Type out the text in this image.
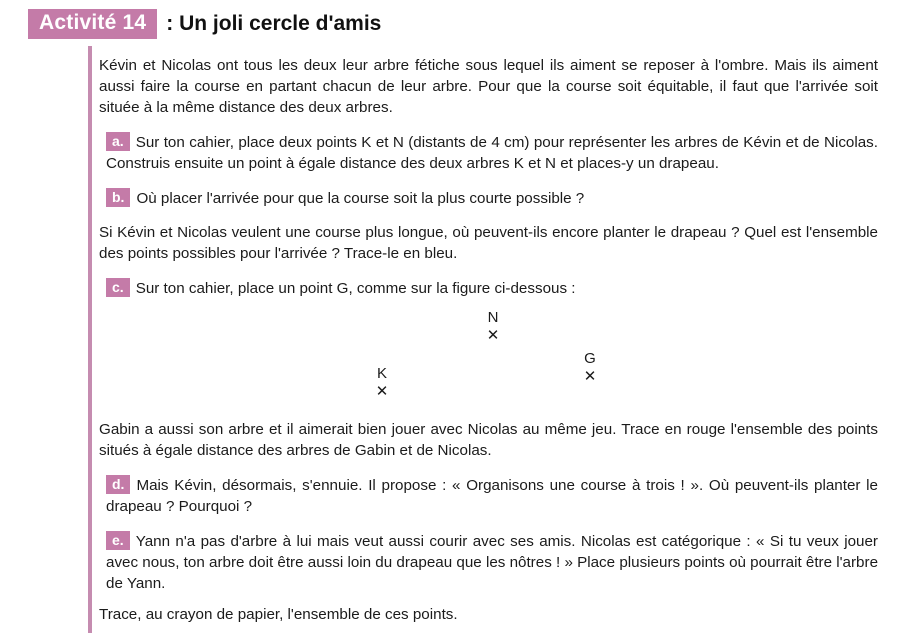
Activité 14 : Un joli cercle d'amis

Kévin et Nicolas ont tous les deux leur arbre fétiche sous lequel ils aiment se reposer à l'ombre. Mais ils aiment aussi faire la course en partant chacun de leur arbre. Pour que la course soit équitable, il faut que l'arrivée soit située à la même distance des deux arbres.

a. Sur ton cahier, place deux points K et N (distants de 4 cm) pour représenter les arbres de Kévin et de Nicolas. Construis ensuite un point à égale distance des deux arbres K et N et places-y un drapeau.

b. Où placer l'arrivée pour que la course soit la plus courte possible ?

Si Kévin et Nicolas veulent une course plus longue, où peuvent-ils encore planter le drapeau ? Quel est l'ensemble des points possibles pour l'arrivée ? Trace-le en bleu.

c. Sur ton cahier, place un point G, comme sur la figure ci-dessous :

N
✕
G
✕
K
✕

Gabin a aussi son arbre et il aimerait bien jouer avec Nicolas au même jeu. Trace en rouge l'ensemble des points situés à égale distance des arbres de Gabin et de Nicolas.

d. Mais Kévin, désormais, s'ennuie. Il propose : « Organisons une course à trois ! ». Où peuvent-ils planter le drapeau ? Pourquoi ?

e. Yann n'a pas d'arbre à lui mais veut aussi courir avec ses amis. Nicolas est catégorique : « Si tu veux jouer avec nous, ton arbre doit être aussi loin du drapeau que les nôtres ! » Place plusieurs points où pourrait être l'arbre de Yann.

Trace, au crayon de papier, l'ensemble de ces points.
